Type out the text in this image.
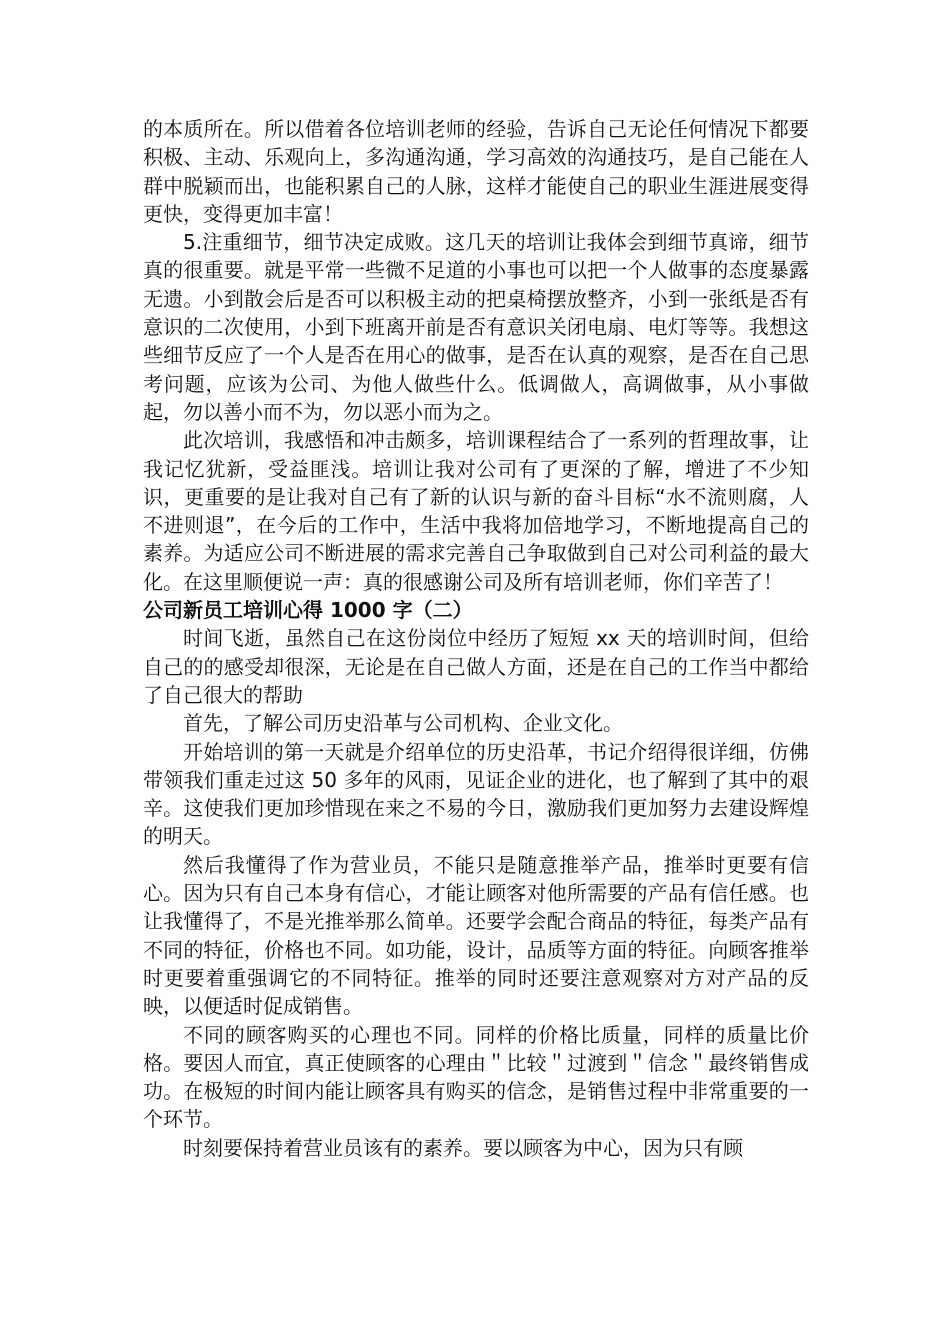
的本质所在。所以借着各位培训老师的经验，告诉自己无论任何情况下都要积极、主动、乐观向上，多沟通沟通，学习高效的沟通技巧，是自己能在人群中脱颖而出，也能积累自己的人脉，这样才能使自己的职业生涯进展变得更快，变得更加丰富！

5.注重细节，细节决定成败。这几天的培训让我体会到细节真谛，细节真的很重要。就是平常一些微不足道的小事也可以把一个人做事的态度暴露无遗。小到散会后是否可以积极主动的把桌椅摆放整齐，小到一张纸是否有意识的二次使用，小到下班离开前是否有意识关闭电扇、电灯等等。我想这些细节反应了一个人是否在用心的做事，是否在认真的观察，是否在自己思考问题，应该为公司、为他人做些什么。低调做人，高调做事，从小事做起，勿以善小而不为，勿以恶小而为之。

此次培训，我感悟和冲击颇多，培训课程结合了一系列的哲理故事，让我记忆犹新，受益匪浅。培训让我对公司有了更深的了解，增进了不少知识，更重要的是让我对自己有了新的认识与新的奋斗目标“水不流则腐，人不进则退”，在今后的工作中，生活中我将加倍地学习，不断地提高自己的素养。为适应公司不断进展的需求完善自己争取做到自己对公司利益的最大化。在这里顺便说一声：真的很感谢公司及所有培训老师，你们辛苦了！

公司新员工培训心得 1000 字（二）

时间飞逝，虽然自己在这份岗位中经历了短短 xx 天的培训时间，但给自己的的感受却很深，无论是在自己做人方面，还是在自己的工作当中都给了自己很大的帮助

首先，了解公司历史沿革与公司机构、企业文化。

开始培训的第一天就是介绍单位的历史沿革，书记介绍得很详细，仿佛带领我们重走过这 50 多年的风雨，见证企业的进化，也了解到了其中的艰辛。这使我们更加珍惜现在来之不易的今日，激励我们更加努力去建设辉煌的明天。

然后我懂得了作为营业员，不能只是随意推举产品，推举时更要有信心。因为只有自己本身有信心，才能让顾客对他所需要的产品有信任感。也让我懂得了，不是光推举那么简单。还要学会配合商品的特征，每类产品有不同的特征，价格也不同。如功能，设计，品质等方面的特征。向顾客推举时更要着重强调它的不同特征。推举的同时还要注意观察对方对产品的反映，以便适时促成销售。

不同的顾客购买的心理也不同。同样的价格比质量，同样的质量比价格。要因人而宜，真正使顾客的心理由＂比较＂过渡到＂信念＂最终销售成功。在极短的时间内能让顾客具有购买的信念，是销售过程中非常重要的一个环节。

时刻要保持着营业员该有的素养。要以顾客为中心，因为只有顾
